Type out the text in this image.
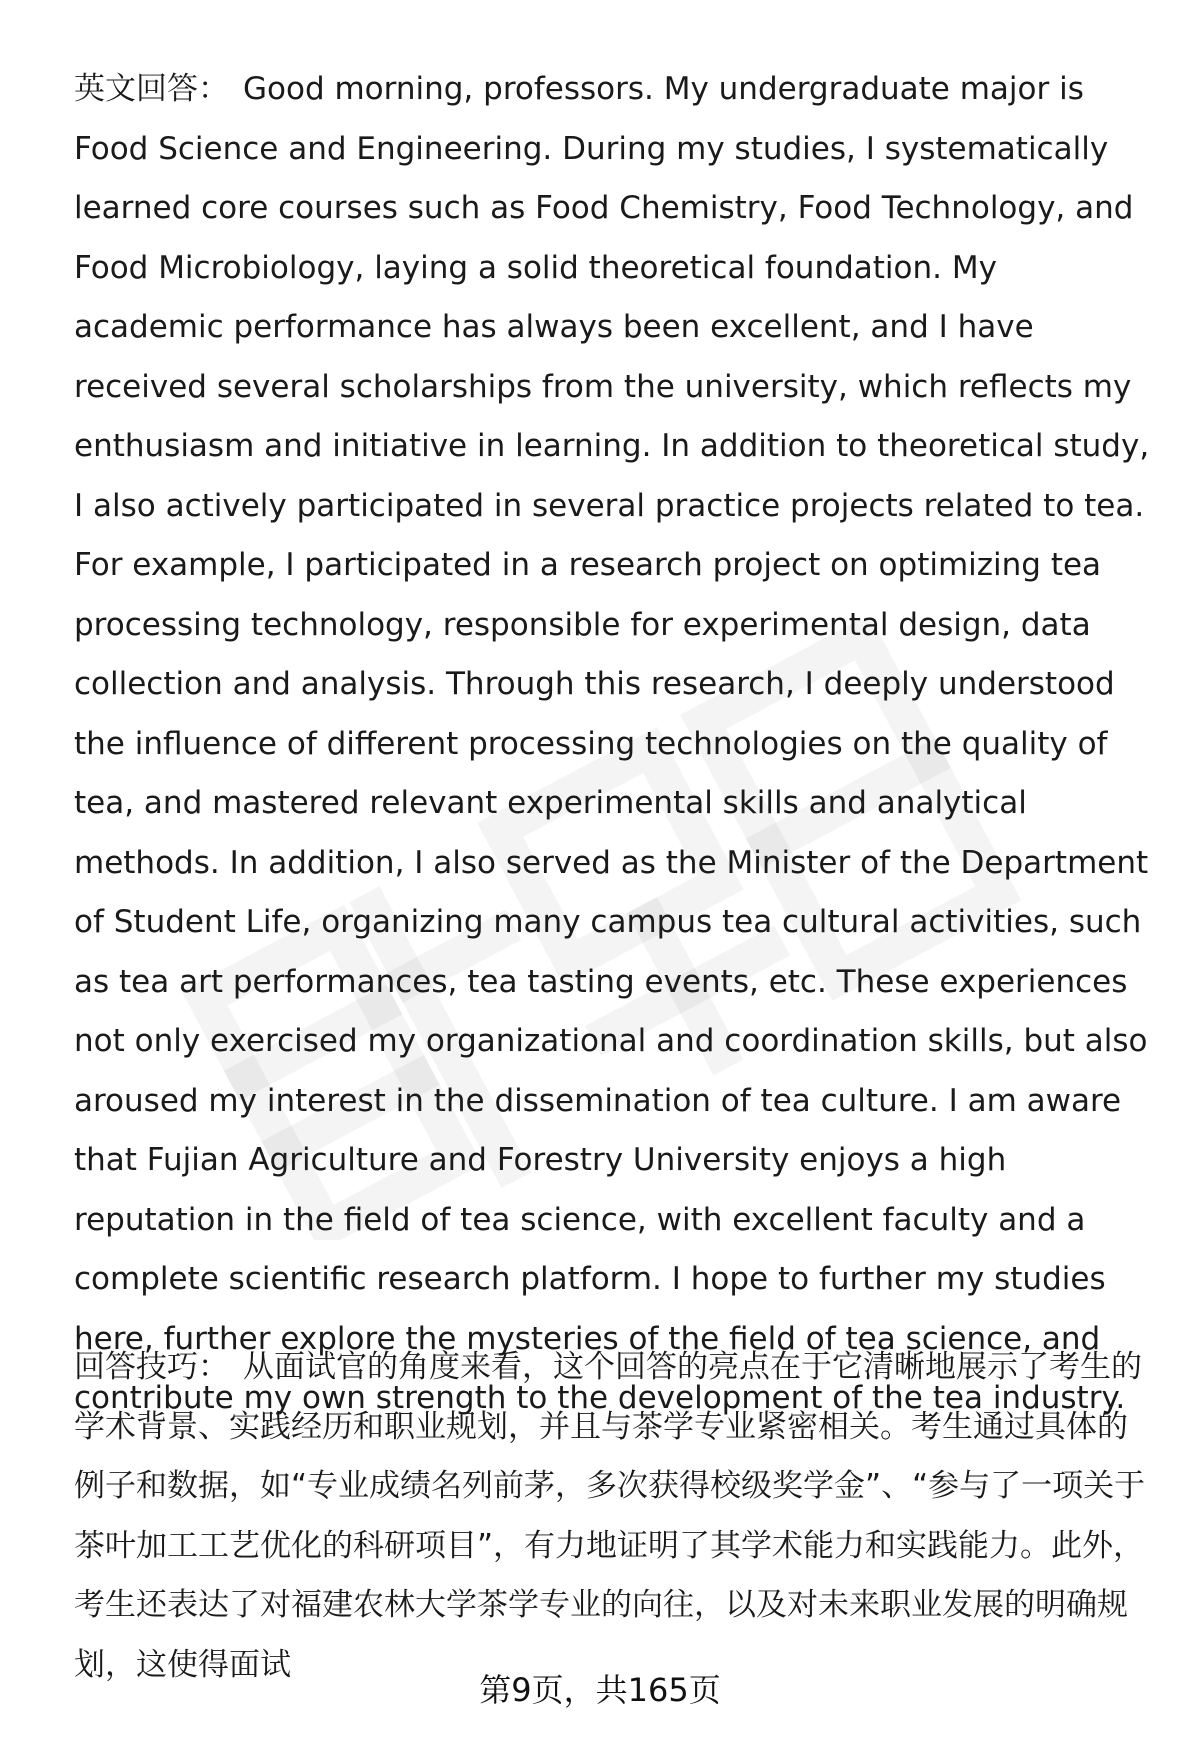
英文回答： Good morning, professors. My undergraduate major is Food Science and Engineering. During my studies, I systematically learned core courses such as Food Chemistry, Food Technology, and Food Microbiology, laying a solid theoretical foundation. My academic performance has always been excellent, and I have received several scholarships from the university, which reflects my enthusiasm and initiative in learning. In addition to theoretical study, I also actively participated in several practice projects related to tea. For example, I participated in a research project on optimizing tea processing technology, responsible for experimental design, data collection and analysis. Through this research, I deeply understood the influence of different processing technologies on the quality of tea, and mastered relevant experimental skills and analytical methods. In addition, I also served as the Minister of the Department of Student Life, organizing many campus tea cultural activities, such as tea art performances, tea tasting events, etc. These experiences not only exercised my organizational and coordination skills, but also aroused my interest in the dissemination of tea culture. I am aware that Fujian Agriculture and Forestry University enjoys a high reputation in the field of tea science, with excellent faculty and a complete scientific research platform. I hope to further my studies here, further explore the mysteries of the field of tea science, and contribute my own strength to the development of the tea industry.
回答技巧： 从面试官的角度来看，这个回答的亮点在于它清晰地展示了考生的学术背景、实践经历和职业规划，并且与茶学专业紧密相关。考生通过具体的例子和数据，如“专业成绩名列前茅，多次获得校级奖学金”、“参与了一项关于茶叶加工工艺优化的科研项目”，有力地证明了其学术能力和实践能力。此外，考生还表达了对福建农林大学茶学专业的向往，以及对未来职业发展的明确规划，这使得面试
第9页，共165页
